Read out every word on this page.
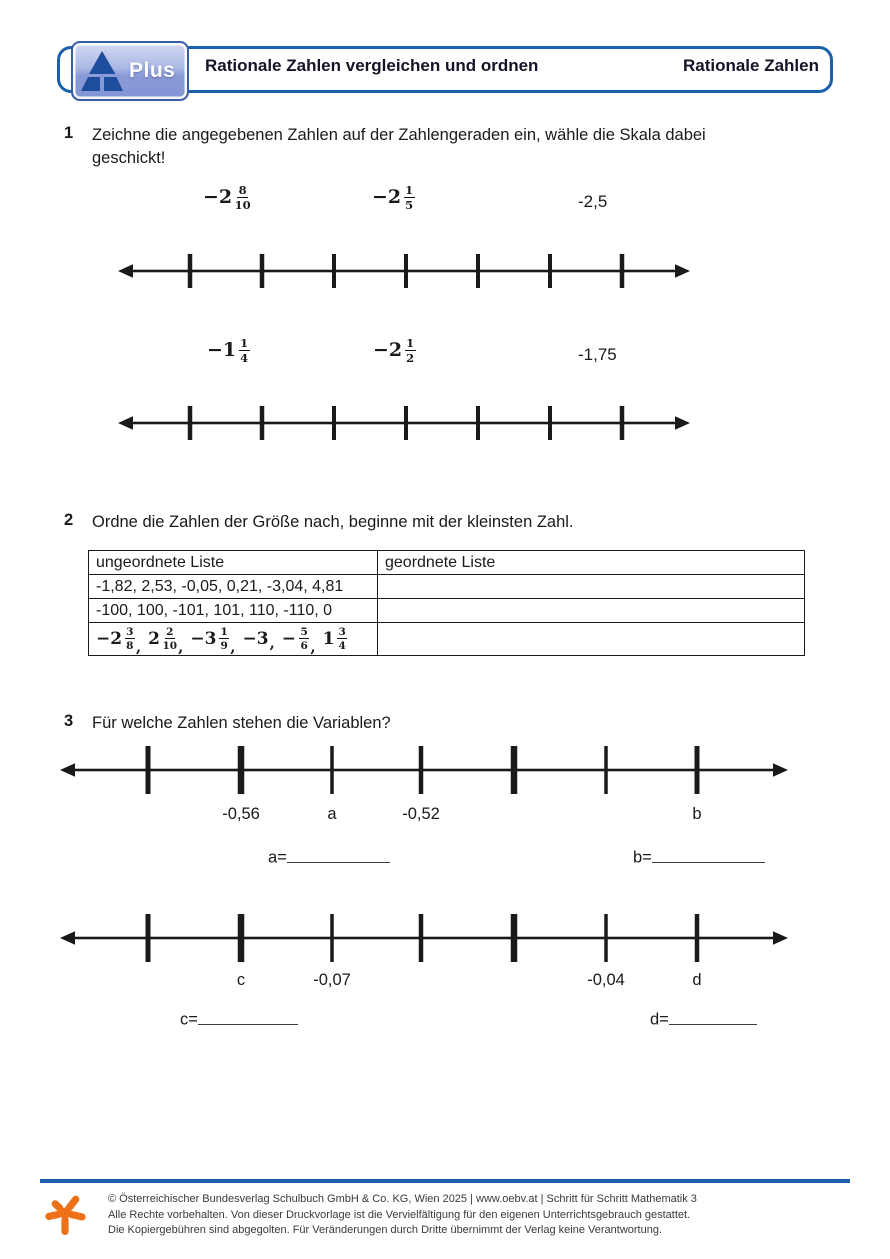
Plus Rationale Zahlen vergleichen und ordnen	Rationale Zahlen
1 Zeichne die angegebenen Zahlen auf der Zahlengeraden ein, wähle die Skala dabei geschickt!
− $2 \frac{8}{10}$	− $2 \frac{1}{5}$	-2,5
− $1 \frac{1}{4}$	− $2 \frac{1}{2}$	-1,75
2 Ordne die Zahlen der Größe nach, beginne mit der kleinsten Zahl.
ungeordnete Liste	geordnete Liste
-1,82, 2,53, -0,05, 0,21, -3,04, 4,81	
-100, 100, -101, 101, 110, -110, 0	

− $2 \frac{3}{8}$ , $2 \frac{2}{10}$ , − $3 \frac{1}{9}$ , −3 , − $\frac{5}{6}$ , $1 \frac{3}{4}$

3 Für welche Zahlen stehen die Variablen?
-0,56	a	-0,52	b
a=	b=
c	-0,07	-0,04	d
c=	d=
© Österreichischer Bundesverlag Schulbuch GmbH & Co. KG, Wien 2025 | www.oebv.at | Schritt für Schritt Mathematik 3
Alle Rechte vorbehalten. Von dieser Druckvorlage ist die Vervielfältigung für den eigenen Unterrichtsgebrauch gestattet.
Die Kopiergebühren sind abgegolten. Für Veränderungen durch Dritte übernimmt der Verlag keine Verantwortung.
